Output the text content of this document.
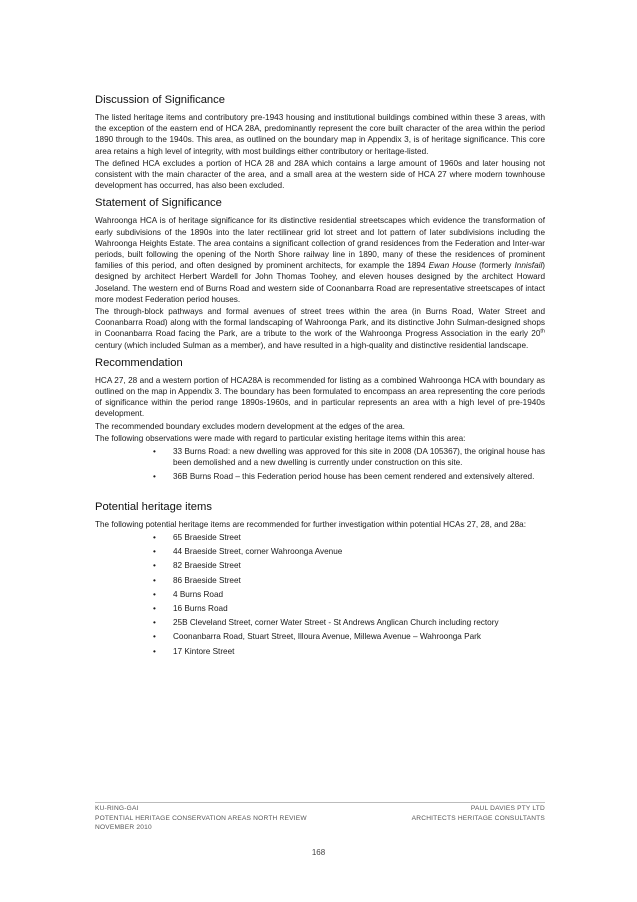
Discussion of Significance

The listed heritage items and contributory pre-1943 housing and institutional buildings combined within these 3 areas, with the exception of the eastern end of HCA 28A, predominantly represent the core built character of the area within the period 1890 through to the 1940s. This area, as outlined on the boundary map in Appendix 3, is of heritage significance. This core area retains a high level of integrity, with most buildings either contributory or heritage-listed.

The defined HCA excludes a portion of HCA 28 and 28A which contains a large amount of 1960s and later housing not consistent with the main character of the area, and a small area at the western side of HCA 27 where modern townhouse development has occurred, has also been excluded.

Statement of Significance

Wahroonga HCA is of heritage significance for its distinctive residential streetscapes which evidence the transformation of early subdivisions of the 1890s into the later rectilinear grid lot street and lot pattern of later subdivisions including the Wahroonga Heights Estate. The area contains a significant collection of grand residences from the Federation and Inter-war periods, built following the opening of the North Shore railway line in 1890, many of these the residences of prominent families of this period, and often designed by prominent architects, for example the 1894 Ewan House (formerly Innisfail) designed by architect Herbert Wardell for John Thomas Toohey, and eleven houses designed by the architect Howard Joseland. The western end of Burns Road and western side of Coonanbarra Road are representative streetscapes of intact more modest Federation period houses.

The through-block pathways and formal avenues of street trees within the area (in Burns Road, Water Street and Coonanbarra Road) along with the formal landscaping of Wahroonga Park, and its distinctive John Sulman-designed shops in Coonanbarra Road facing the Park, are a tribute to the work of the Wahroonga Progress Association in the early 20th century (which included Sulman as a member), and have resulted in a high-quality and distinctive residential landscape.

Recommendation

HCA 27, 28 and a western portion of HCA28A is recommended for listing as a combined Wahroonga HCA with boundary as outlined on the map in Appendix 3. The boundary has been formulated to encompass an area representing the core periods of significance within the period range 1890s-1960s, and in particular represents an area with a high level of pre-1940s development.

The recommended boundary excludes modern development at the edges of the area.

The following observations were made with regard to particular existing heritage items within this area:

• 33 Burns Road: a new dwelling was approved for this site in 2008 (DA 105367), the original house has been demolished and a new dwelling is currently under construction on this site.
• 36B Burns Road – this Federation period house has been cement rendered and extensively altered.
Potential heritage items

The following potential heritage items are recommended for further investigation within potential HCAs 27, 28, and 28a:

• 65 Braeside Street
• 44 Braeside Street, corner Wahroonga Avenue
• 82 Braeside Street
• 86 Braeside Street
• 4 Burns Road
• 16 Burns Road
• 25B Cleveland Street, corner Water Street - St Andrews Anglican Church including rectory
• Coonanbarra Road, Stuart Street, Illoura Avenue, Millewa Avenue – Wahroonga Park
• 17 Kintore Street
KU-RING-GAI	PAUL DAVIES PTY LTD
POTENTIAL HERITAGE CONSERVATION AREAS NORTH REVIEW	ARCHITECTS HERITAGE CONSULTANTS
NOVEMBER 2010
168
